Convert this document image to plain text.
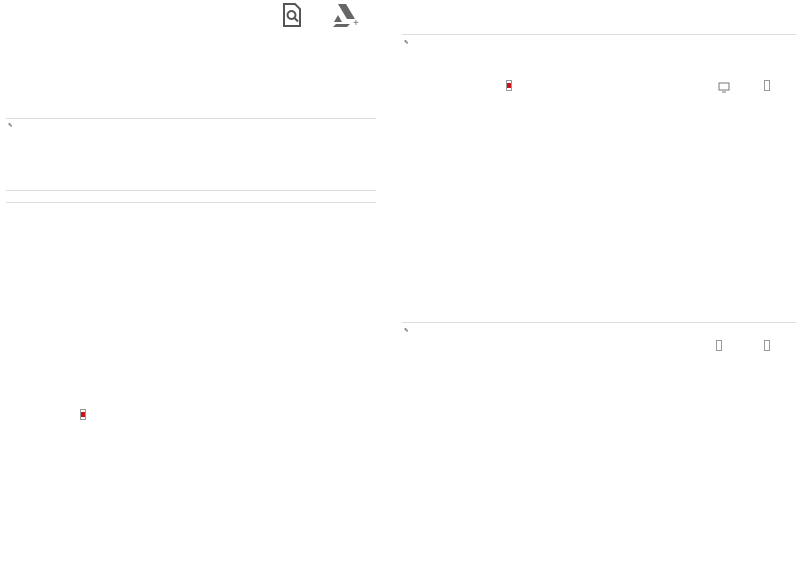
+
✎
✎
✎
